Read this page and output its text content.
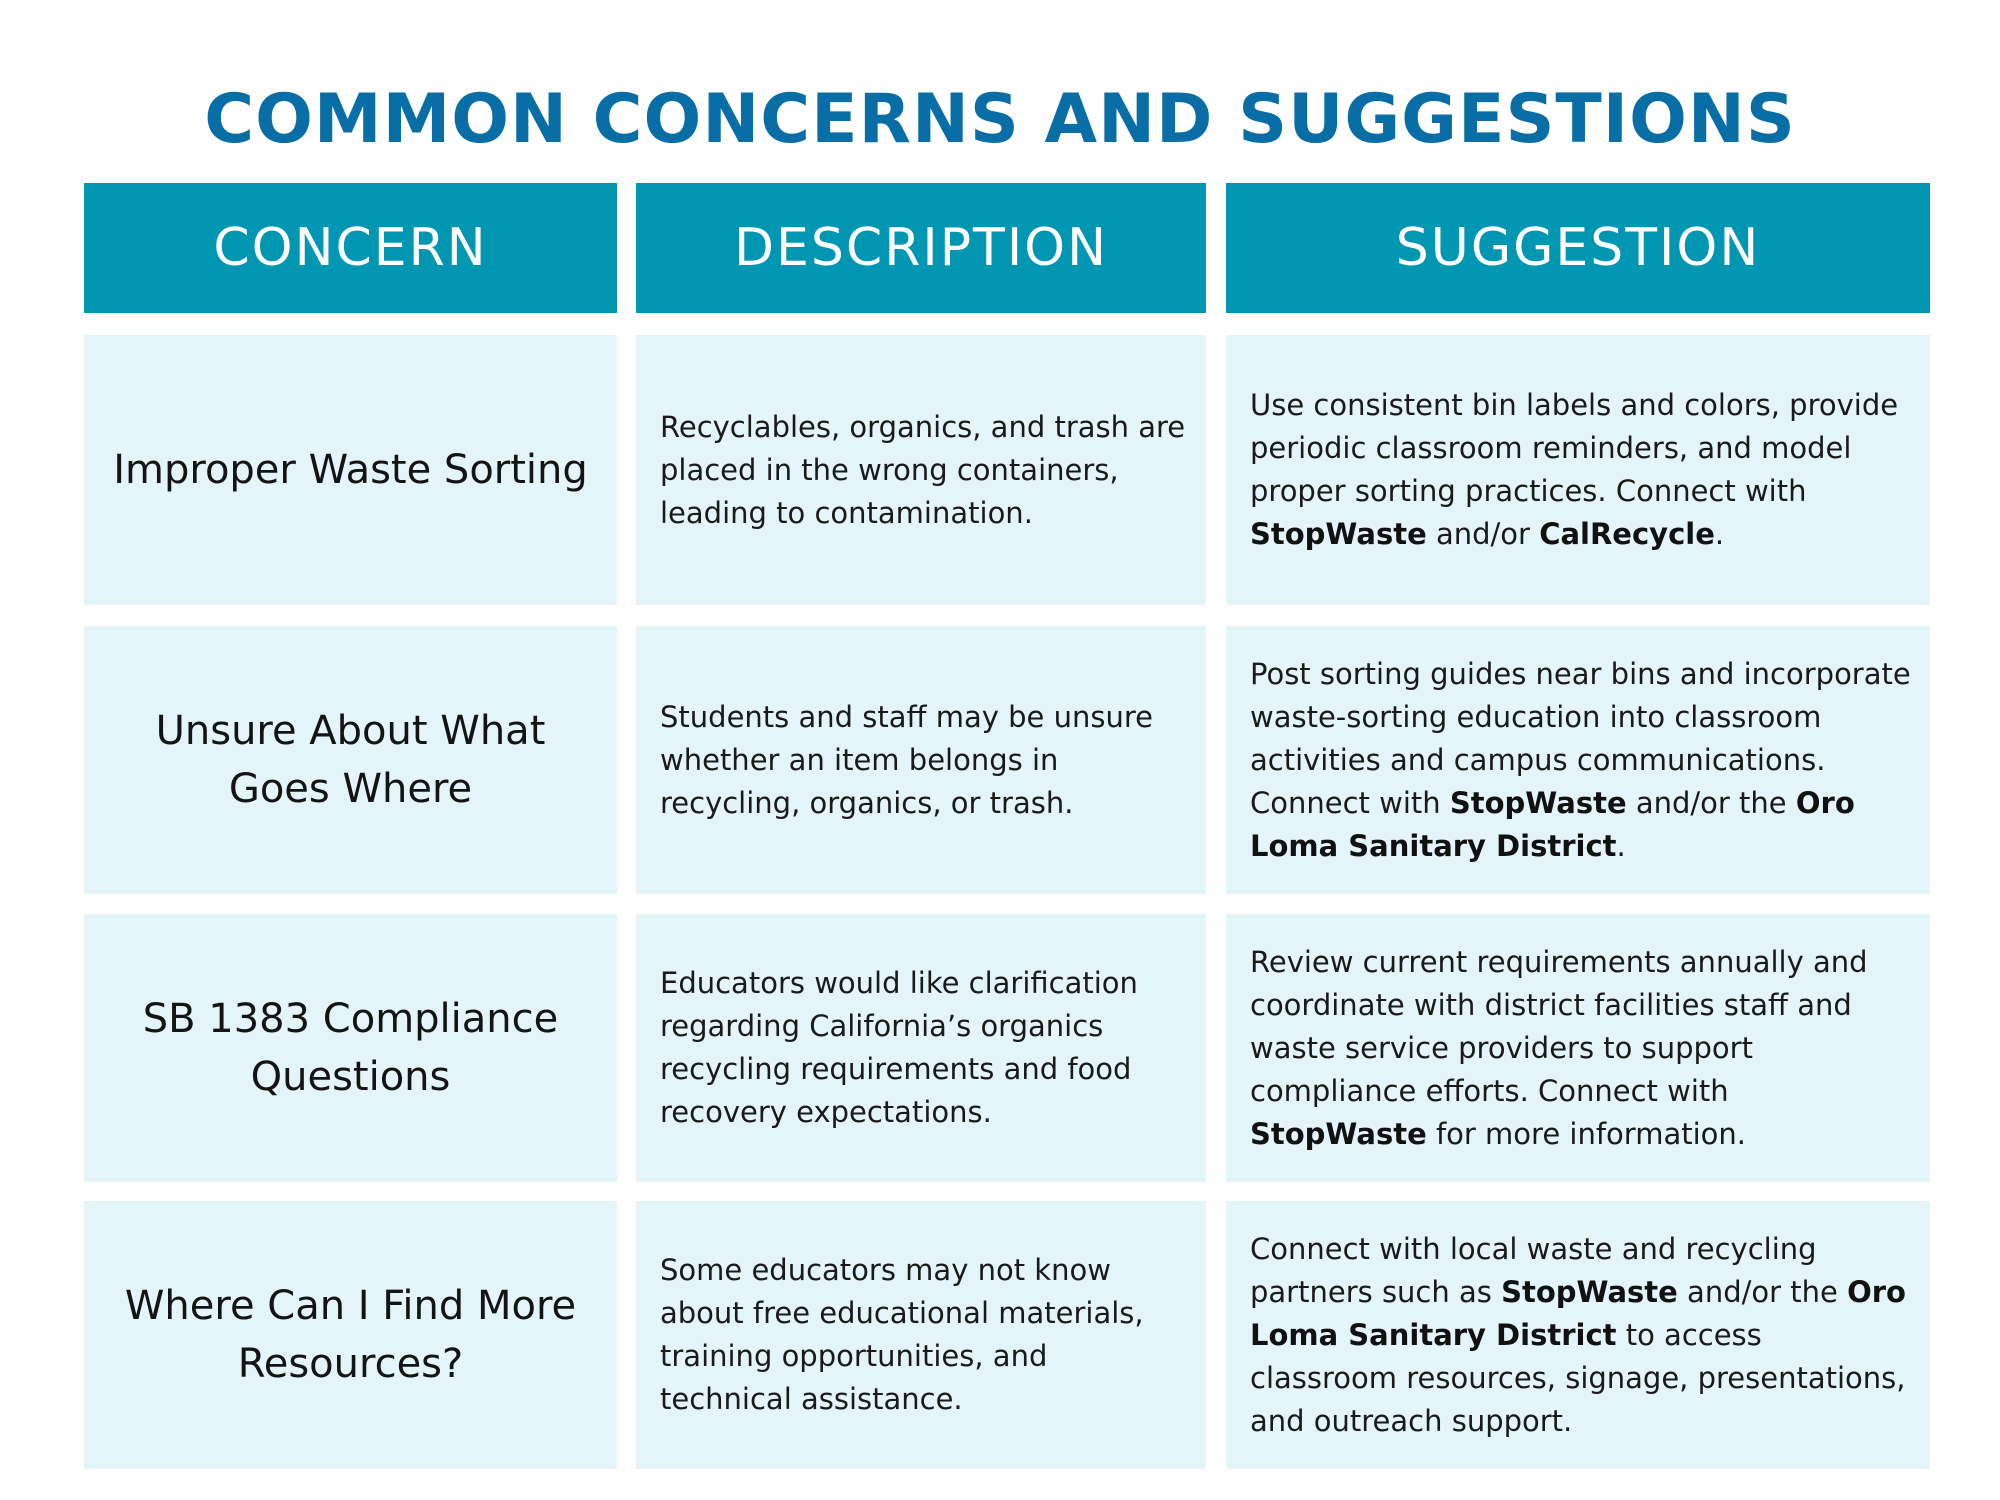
COMMON CONCERNS AND SUGGESTIONS
CONCERN	DESCRIPTION	SUGGESTION
Improper Waste Sorting
Recyclables, organics, and trash are placed in the wrong containers, leading to contamination.
Use consistent bin labels and colors, provide periodic classroom reminders, and model proper sorting practices. Connect with StopWaste and/or CalRecycle.
Unsure About What Goes Where
Students and staff may be unsure whether an item belongs in recycling, organics, or trash.
Post sorting guides near bins and incorporate waste-sorting education into classroom activities and campus communications. Connect with StopWaste and/or the Oro Loma Sanitary District.
SB 1383 Compliance Questions
Educators would like clarification regarding California’s organics recycling requirements and food recovery expectations.
Review current requirements annually and coordinate with district facilities staff and waste service providers to support compliance efforts. Connect with StopWaste for more information.
Where Can I Find More Resources?
Some educators may not know about free educational materials, training opportunities, and technical assistance.
Connect with local waste and recycling partners such as StopWaste and/or the Oro Loma Sanitary District to access classroom resources, signage, presentations, and outreach support.
